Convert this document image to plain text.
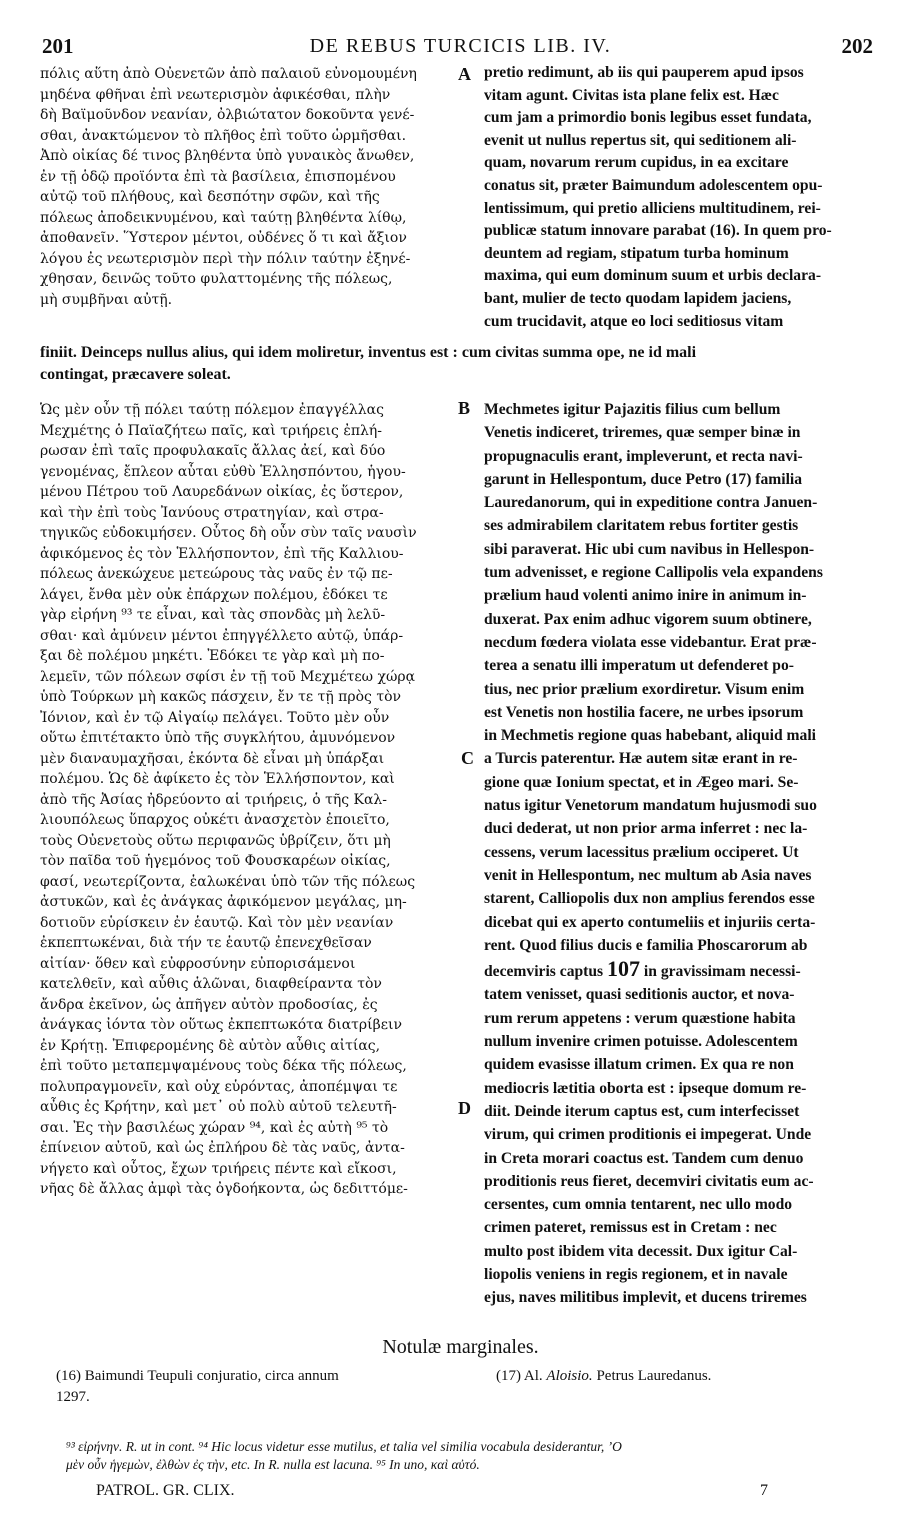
201	DE REBUS TURCICIS LIB. IV.	202
πόλις αὕτη ἀπὸ Οὐενετῶν ἀπὸ παλαιοῦ εὐνομουμένη
μηδένα φθῆναι ἐπὶ νεωτερισμὸν ἀφικέσθαι, πλὴν
δὴ Βαϊμοῦνδον νεανίαν, ὀλβιώτατον δοκοῦντα γενέ-
σθαι, ἀνακτώμενον τὸ πλῆθος ἐπὶ τοῦτο ὡρμῆσθαι.
Ἀπὸ οἰκίας δέ τινος βληθέντα ὑπὸ γυναικὸς ἄνωθεν,
ἐν τῇ ὁδῷ προϊόντα ἐπὶ τὰ βασίλεια, ἐπισπομένου
αὐτῷ τοῦ πλήθους, καὶ δεσπότην σφῶν, καὶ τῆς
πόλεως ἀποδεικνυμένου, καὶ ταύτῃ βληθέντα λίθῳ,
ἀποθανεῖν. Ὕστερον μέντοι, οὐδένες ὅ τι καὶ ἄξιον
λόγου ἐς νεωτερισμὸν περὶ τὴν πόλιν ταύτην ἐξηνέ-
χθησαν, δεινῶς τοῦτο φυλαττομένης τῆς πόλεως,
μὴ συμβῆναι αὐτῇ.
pretio redimunt, ab iis qui pauperem apud ipsos
vitam agunt. Civitas ista plane felix est. Hæc
cum jam a primordio bonis legibus esset fundata,
evenit ut nullus repertus sit, qui seditionem ali-
quam, novarum rerum cupidus, in ea excitare
conatus sit, præter Baimundum adolescentem opu-
lentissimum, qui pretio alliciens multitudinem, rei-
publicæ statum innovare parabat (16). In quem pro-
deuntem ad regiam, stipatum turba hominum
maxima, qui eum dominum suum et urbis declara-
bant, mulier de tecto quodam lapidem jaciens,
cum trucidavit, atque eo loci seditiosus vitam
A
B
C
D
finiit. Deinceps nullus alius, qui idem moliretur, inventus est : cum civitas summa ope, ne id mali
contingat, præcavere soleat.
Ὡς μὲν οὖν τῇ πόλει ταύτῃ πόλεμον ἐπαγγέλλας
Μεχμέτης ὁ Παϊαζήτεω παῖς, καὶ τριήρεις ἐπλή-
ρωσαν ἐπὶ ταῖς προφυλακαῖς ἄλλας ἀεί, καὶ δύο
γενομένας, ἔπλεον αὗται εὐθὺ Ἑλλησπόντου, ἡγου-
μένου Πέτρου τοῦ Λαυρεδάνων οἰκίας, ἐς ὕστερον,
καὶ τὴν ἐπὶ τοὺς Ἰανύους στρατηγίαν, καὶ στρα-
τηγικῶς εὐδοκιμήσεν. Οὗτος δὴ οὖν σὺν ταῖς ναυσὶν
ἀφικόμενος ἐς τὸν Ἑλλήσποντον, ἐπὶ τῆς Καλλιου-
πόλεως ἀνεκώχευε μετεώρους τὰς ναῦς ἐν τῷ πε-
λάγει, ἔνθα μὲν οὐκ ἐπάρχων πολέμου, ἐδόκει τε
γὰρ εἰρήνη ⁹³ τε εἶναι, καὶ τὰς σπονδὰς μὴ λελῦ-
σθαι· καὶ ἀμύνειν μέντοι ἐπηγγέλλετο αὐτῷ, ὑπάρ-
ξαι δὲ πολέμου μηκέτι. Ἐδόκει τε γὰρ καὶ μὴ πο-
λεμεῖν, τῶν πόλεων σφίσι ἐν τῇ τοῦ Μεχμέτεω χώρᾳ
ὑπὸ Τούρκων μὴ κακῶς πάσχειν, ἔν τε τῇ πρὸς τὸν
Ἰόνιον, καὶ ἐν τῷ Αἰγαίῳ πελάγει. Τοῦτο μὲν οὖν
οὕτω ἐπιτέτακτο ὑπὸ τῆς συγκλήτου, ἀμυνόμενον
μὲν διαναυμαχῆσαι, ἑκόντα δὲ εἶναι μὴ ὑπάρξαι
πολέμου. Ὡς δὲ ἀφίκετο ἐς τὸν Ἑλλήσποντον, καὶ
ἀπὸ τῆς Ἀσίας ἠδρεύοντο αἱ τριήρεις, ὁ τῆς Καλ-
λιουπόλεως ὕπαρχος οὐκέτι ἀνασχετὸν ἐποιεῖτο,
τοὺς Οὐενετοὺς οὕτω περιφανῶς ὑβρίζειν, ὅτι μὴ
τὸν παῖδα τοῦ ἡγεμόνος τοῦ Φουσκαρέων οἰκίας,
φασί, νεωτερίζοντα, ἑαλωκέναι ὑπὸ τῶν τῆς πόλεως
ἀστυκῶν, καὶ ἐς ἀνάγκας ἀφικόμενον μεγάλας, μη-
δοτιοῦν εὑρίσκειν ἐν ἑαυτῷ. Καὶ τὸν μὲν νεανίαν
ἐκπεπτωκέναι, διὰ τήν τε ἑαυτῷ ἐπενεχθεῖσαν
αἰτίαν· ὅθεν καὶ εὐφροσύνην εὐπορισάμενοι
κατελθεῖν, καὶ αὖθις ἁλῶναι, διαφθείραντα τὸν
ἄνδρα ἐκεῖνον, ὡς ἀπῆγεν αὐτὸν προδοσίας, ἐς
ἀνάγκας ἰόντα τὸν οὕτως ἐκπεπτωκότα διατρίβειν
ἐν Κρήτῃ. Ἐπιφερομένης δὲ αὐτὸν αὖθις αἰτίας,
ἐπὶ τοῦτο μεταπεμψαμένους τοὺς δέκα τῆς πόλεως,
πολυπραγμονεῖν, καὶ οὐχ εὑρόντας, ἀποπέμψαι τε
αὖθις ἐς Κρήτην, καὶ μετ᾽ οὐ πολὺ αὐτοῦ τελευτῆ-
σαι. Ἐς τὴν βασιλέως χώραν ⁹⁴, καὶ ἐς αὐτὴ ⁹⁵ τὸ
ἐπίνειον αὐτοῦ, καὶ ὡς ἐπλήρου δὲ τὰς ναῦς, ἀντα-
νήγετο καὶ οὗτος, ἔχων τριήρεις πέντε καὶ εἴκοσι,
νῆας δὲ ἄλλας ἀμφὶ τὰς ὀγδοήκοντα, ὡς δεδιττόμε-
Mechmetes igitur Pajazitis filius cum bellum
Venetis indiceret, triremes, quæ semper binæ in
propugnaculis erant, impleverunt, et recta navi-
garunt in Hellespontum, duce Petro (17) familia
Lauredanorum, qui in expeditione contra Januen-
ses admirabilem claritatem rebus fortiter gestis
sibi paraverat. Hic ubi cum navibus in Hellespon-
tum advenisset, e regione Callipolis vela expandens
prælium haud volenti animo inire in animum in-
duxerat. Pax enim adhuc vigorem suum obtinere,
necdum fœdera violata esse videbantur. Erat præ-
terea a senatu illi imperatum ut defenderet po-
tius, nec prior prælium exordiretur. Visum enim
est Venetis non hostilia facere, ne urbes ipsorum
in Mechmetis regione quas habebant, aliquid mali
a Turcis paterentur. Hæ autem sitæ erant in re-
gione quæ Ionium spectat, et in Ægeo mari. Se-
natus igitur Venetorum mandatum hujusmodi suo
duci dederat, ut non prior arma inferret : nec la-
cessens, verum lacessitus prælium occiperet. Ut
venit in Hellespontum, nec multum ab Asia naves
starent, Calliopolis dux non amplius ferendos esse
dicebat qui ex aperto contumeliis et injuriis certa-
rent. Quod filius ducis e familia Phoscarorum ab
decemviris captus 107 in gravissimam necessi-
tatem venisset, quasi seditionis auctor, et nova-
rum rerum appetens : verum quæstione habita
nullum invenire crimen potuisse. Adolescentem
quidem evasisse illatum crimen. Ex qua re non
mediocris lætitia oborta est : ipseque domum re-
diit. Deinde iterum captus est, cum interfecisset
virum, qui crimen proditionis ei impegerat. Unde
in Creta morari coactus est. Tandem cum denuo
proditionis reus fieret, decemviri civitatis eum ac-
cersentes, cum omnia tentarent, nec ullo modo
crimen pateret, remissus est in Cretam : nec
multo post ibidem vita decessit. Dux igitur Cal-
liopolis veniens in regis regionem, et in navale
ejus, naves militibus implevit, et ducens triremes
Notulæ marginales.
(16) Baimundi Teupuli conjuratio, circa annum
1297.
(17) Al. Aloisio. Petrus Lauredanus.
⁹³ εἰρήνην. R. ut in cont. ⁹⁴ Hic locus videtur esse mutilus, et talia vel similia vocabula desiderantur, ʼΟ
μὲν οὖν ἡγεμὼν, ἐλθὼν ἐς τὴν, etc. In R. nulla est lacuna. ⁹⁵ In uno, καὶ αὐτό.
PATROL. GR. CLIX.	7
